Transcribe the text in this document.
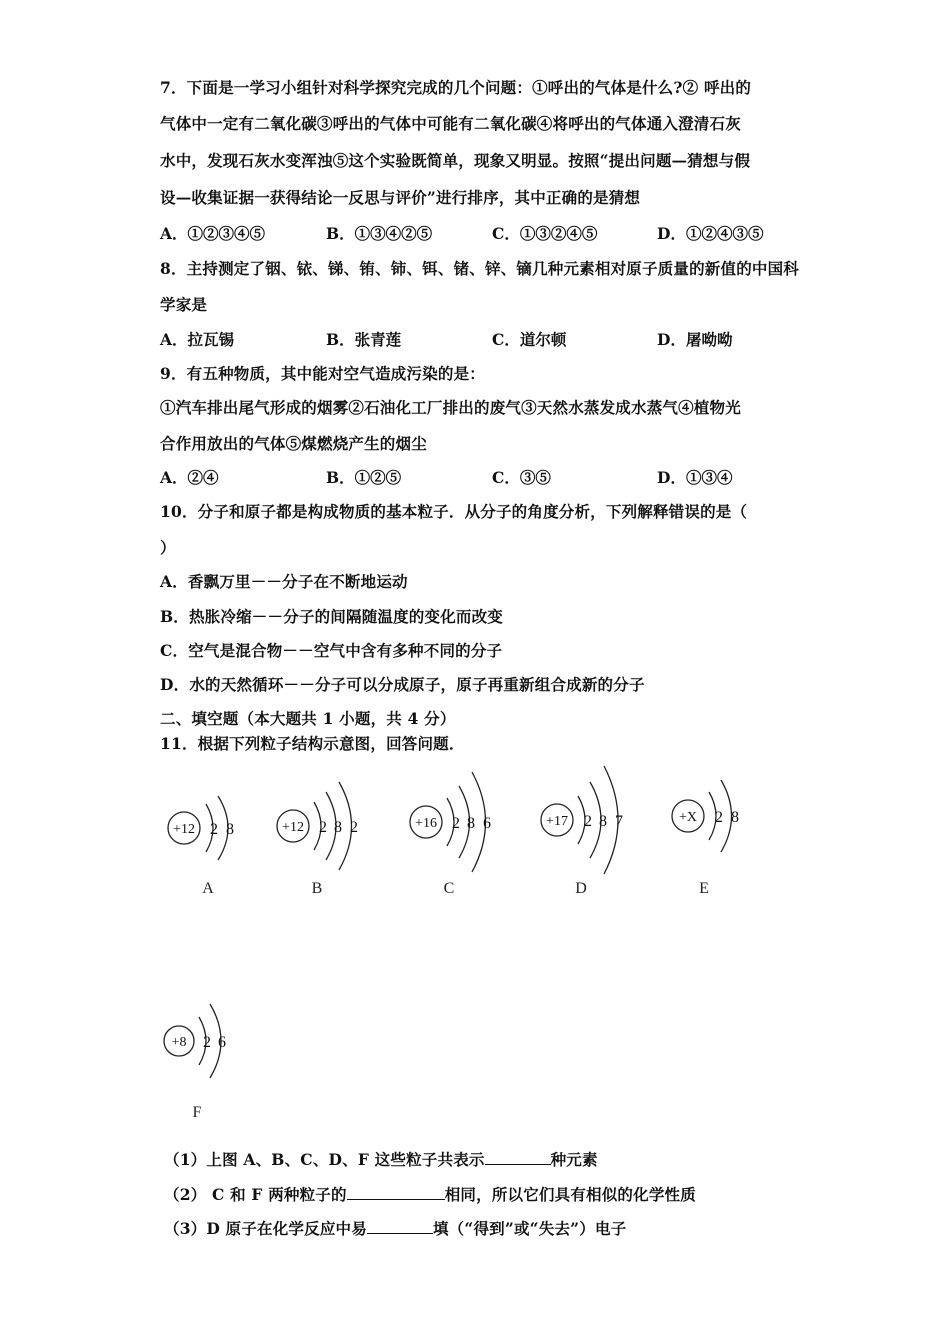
7．下面是一学习小组针对科学探究完成的几个问题：①呼出的气体是什么?② 呼出的
气体中一定有二氧化碳③呼出的气体中可能有二氧化碳④将呼出的气体通入澄清石灰
水中，发现石灰水变浑浊⑤这个实验既简单，现象又明显。按照“提出问题—猜想与假
设—收集证据一获得结论一反思与评价”进行排序，其中正确的是猜想
A．①②③④⑤	B．①③④②⑤	C．①③②④⑤	D．①②④③⑤
8．主持测定了铟、铱、锑、铕、铈、铒、锗、锌、镝几种元素相对原子质量的新值的中国科
学家是
A．拉瓦锡	B．张青莲	C．道尔顿	D．屠呦呦
9．有五种物质，其中能对空气造成污染的是：
①汽车排出尾气形成的烟雾②石油化工厂排出的废气③天然水蒸发成水蒸气④植物光
合作用放出的气体⑤煤燃烧产生的烟尘
A．②④	B．①②⑤	C．③⑤	D．①③④
10．分子和原子都是构成物质的基本粒子．从分子的角度分析，下列解释错误的是（
）
A．香飘万里－－分子在不断地运动
B．热胀冷缩－－分子的间隔随温度的变化而改变
C．空气是混合物－－空气中含有多种不同的分子
D．水的天然循环－－分子可以分成原子，原子再重新组合成新的分子
二、填空题（本大题共 1 小题，共 4 分）
11．根据下列粒子结构示意图，回答问题．
+12 2 8
A
+12 2 8 2
B
+16 2 8 6
C
+17 2 8 7
D
+X 2 8
E
+8 2 6
F
（1）上图 A、B、C、D、F 这些粒子共表示	种元素
（2） C 和 F 两种粒子的	相同，所以它们具有相似的化学性质
（3）D 原子在化学反应中易	填（“得到”或“失去”）电子
